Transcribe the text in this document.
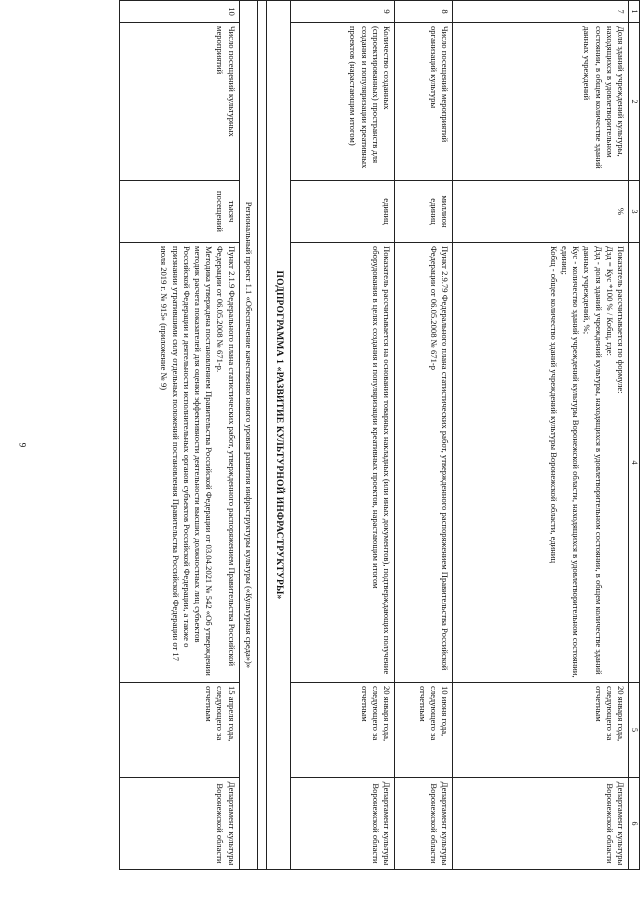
9
1	2	3	4	5	6
7	Доля зданий учреждений культуры, находящихся в удовлетворительном состоянии, в общем количестве зданий данных учреждений	%	Показатель рассчитывается по формуле:
Дзд = Кус *100 % / Кобщ, где:
Дзд - доля зданий учреждений культуры, находящихся в удовлетворительном состоянии, в общем количестве зданий данных учреждений, %;
Кус - количество зданий учреждений культуры Воронежской области, находящихся в удовлетворительном состоянии, единиц;
Кобщ - общее количество зданий учреждений культуры Воронежской области, единиц	20 января года, следующего за отчетным	Департамент культуры Воронежской области
8	Число посещений мероприятий организаций культуры	миллион единиц	Пункт 2.9.79 Федерального плана статистических работ, утвержденного распоряжением Правительства Российской Федерации от 06.05.2008 № 671-р	10 июня года, следующего за отчетным	Департамент культуры Воронежской области
9	Количество созданных (спроектированных) пространств для создания и популяризации креативных проектов (нарастающим итогом)	единиц	Показатель рассчитывается на основании товарных накладных (или иных документов), подтверждающих получение оборудования в целях создания и популяризации креативных проектов, нарастающим итогом	20 января года, следующего за отчетным	Департамент культуры Воронежской области
ПОДПРОГРАММА 1 «РАЗВИТИЕ КУЛЬТУРНОЙ ИНФРАСТРУКТУРЫ»					

Региональный проект 1.1 «Обеспечение качественно нового уровня развития инфраструктуры культуры («Культурная среда»)»					
10	Число посещений культурных мероприятий	тысяч посещений	Пункт 2.1.9 Федерального плана статистических работ, утвержденного распоряжением Правительства Российской Федерации от 06.05.2008 № 671-р.
Методика утверждена постановлением Правительства Российской Федерации от 03.04.2021 № 542 «Об утверждении методик расчета показателей для оценки эффективности деятельности высших должностных лиц субъектов Российской Федерации и деятельности исполнительных органов субъектов Российской Федерации, а также о признании утратившими силу отдельных положений постановления Правительства Российской Федерации от 17 июля 2019 г. № 915» (приложение № 9)	15 апреля года, следующего за отчетным	Департамент культуры Воронежской области
